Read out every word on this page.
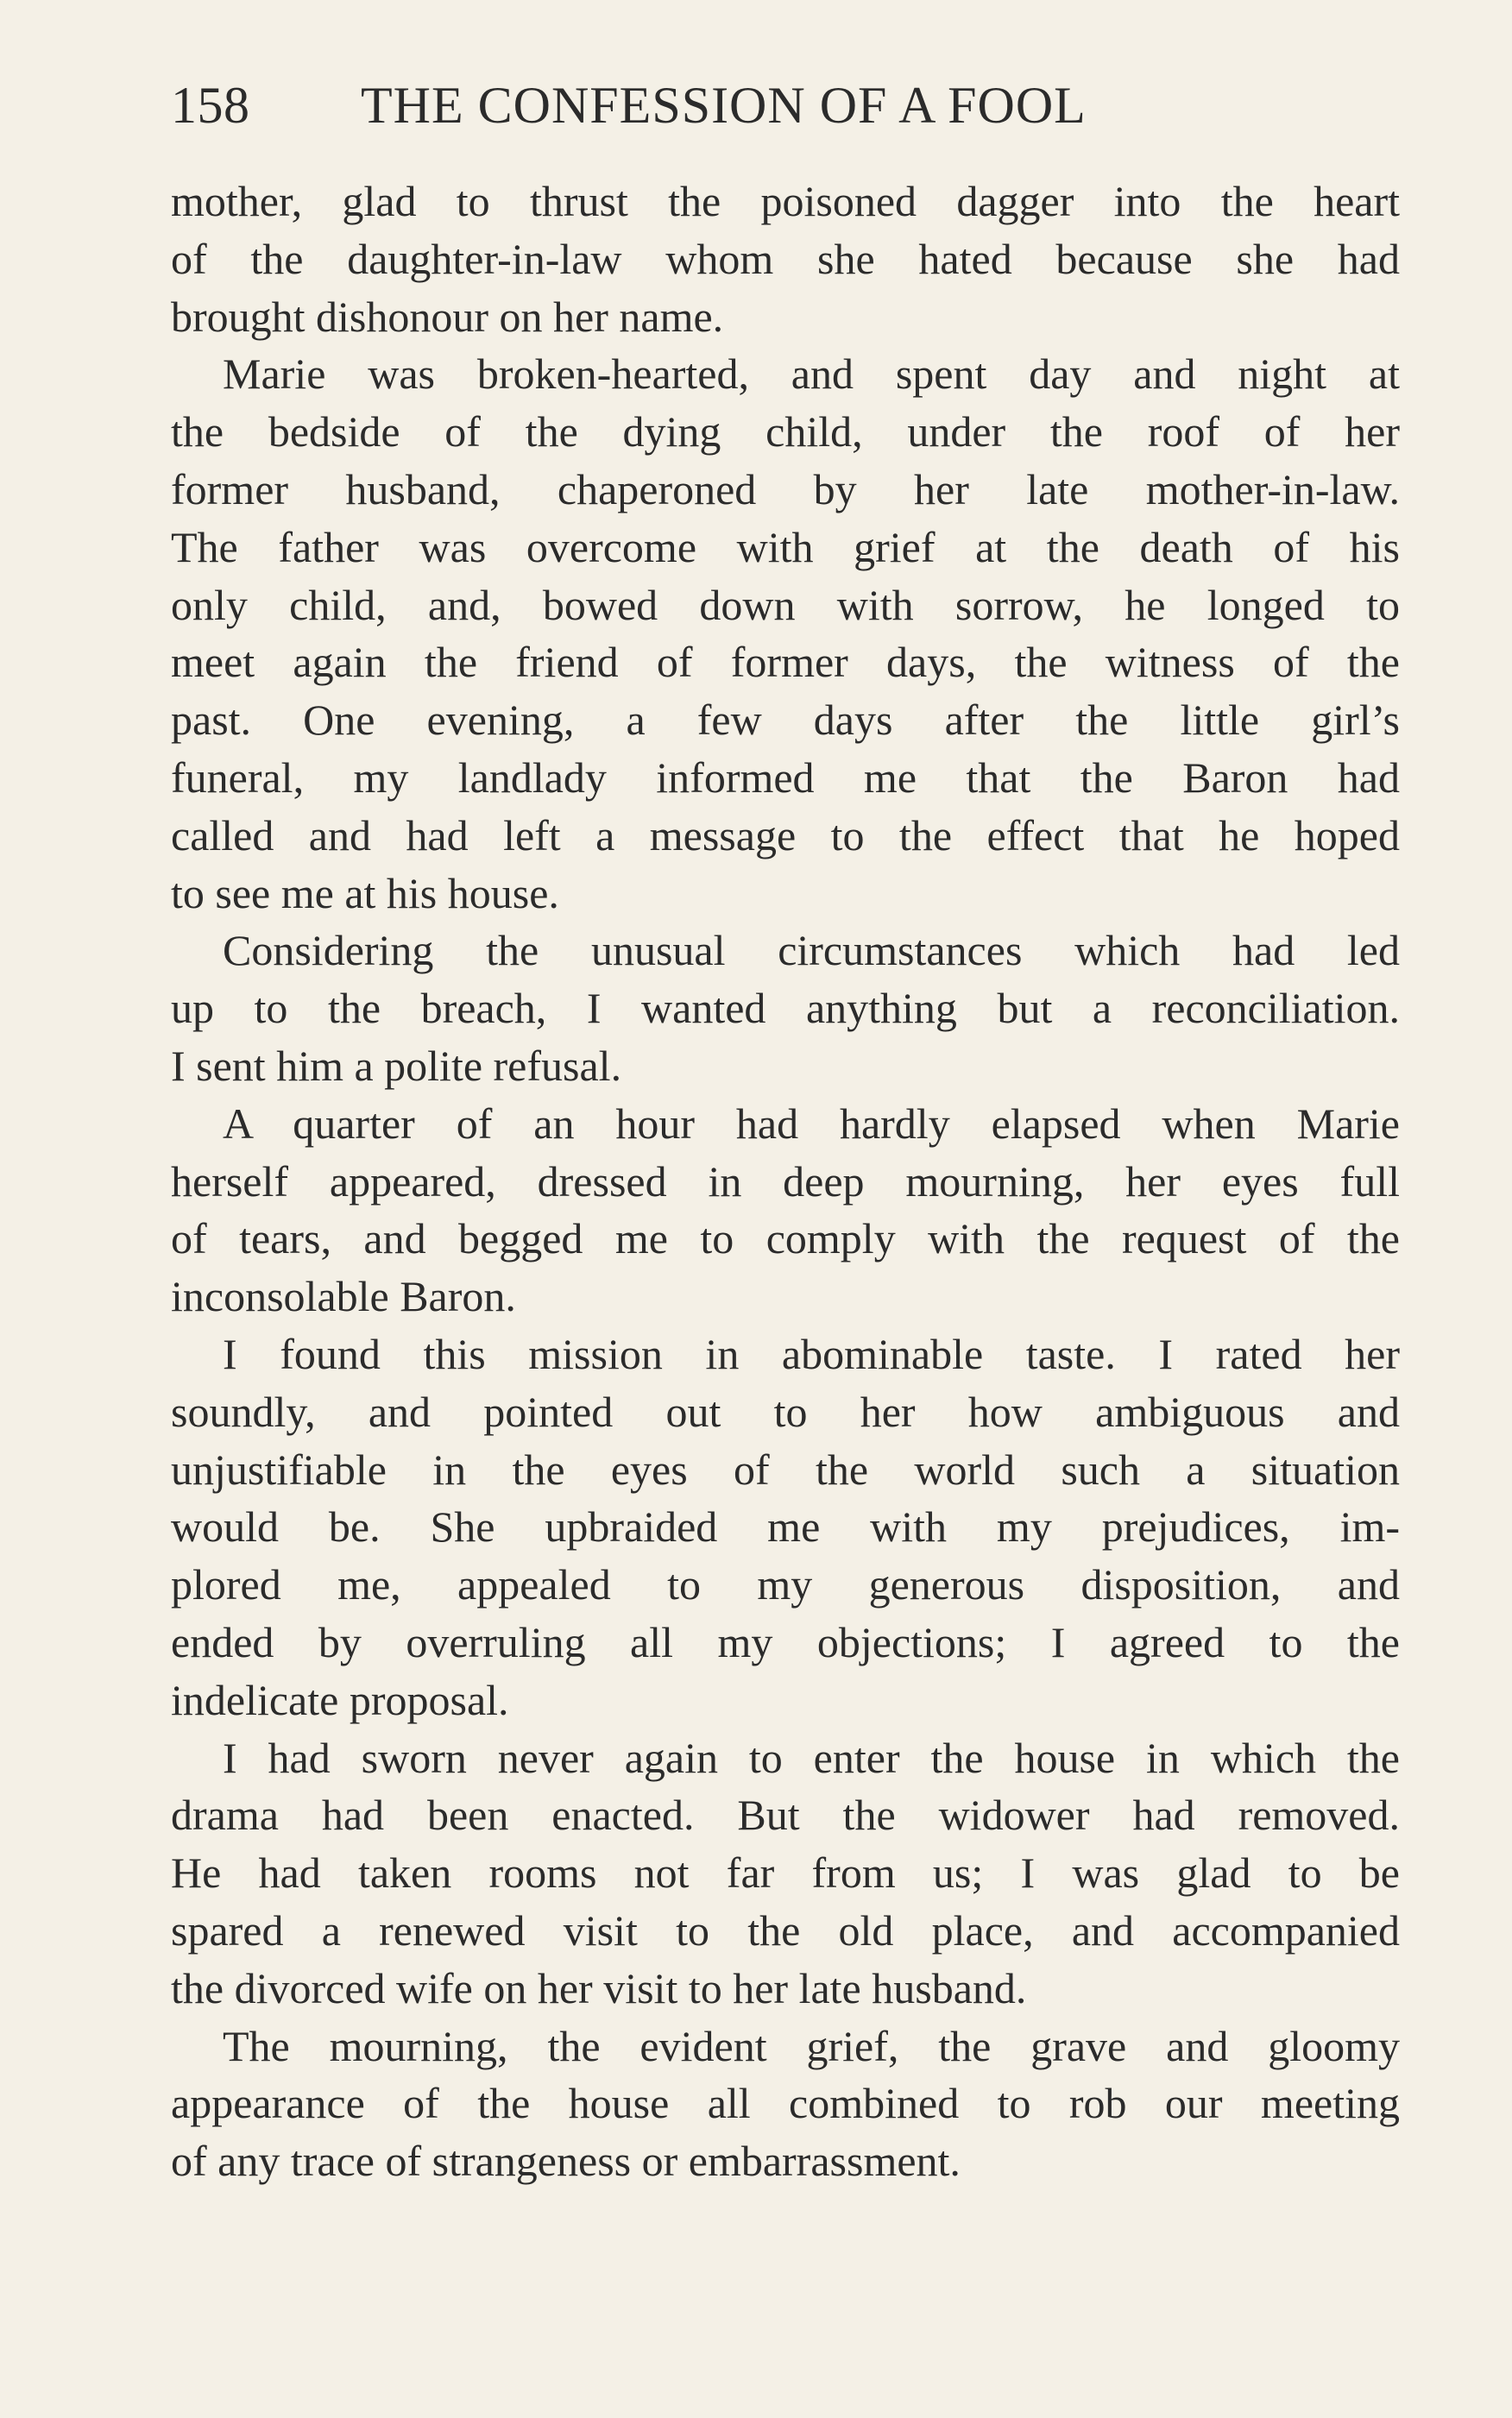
158 THE CONFESSION OF A FOOL
mother, glad to thrust the poisoned dagger into the heart
of the daughter-in-law whom she hated because she had
brought dishonour on her name.
Marie was broken-hearted, and spent day and night at
the bedside of the dying child, under the roof of her
former husband, chaperoned by her late mother-in-law.
The father was overcome with grief at the death of his
only child, and, bowed down with sorrow, he longed to
meet again the friend of former days, the witness of the
past. One evening, a few days after the little girl’s
funeral, my landlady informed me that the Baron had
called and had left a message to the effect that he hoped
to see me at his house.
Considering the unusual circumstances which had led
up to the breach, I wanted anything but a reconciliation.
I sent him a polite refusal.
A quarter of an hour had hardly elapsed when Marie
herself appeared, dressed in deep mourning, her eyes full
of tears, and begged me to comply with the request of the
inconsolable Baron.
I found this mission in abominable taste. I rated her
soundly, and pointed out to her how ambiguous and
unjustifiable in the eyes of the world such a situation
would be. She upbraided me with my prejudices, im-
plored me, appealed to my generous disposition, and
ended by overruling all my objections; I agreed to the
indelicate proposal.
I had sworn never again to enter the house in which the
drama had been enacted. But the widower had removed.
He had taken rooms not far from us; I was glad to be
spared a renewed visit to the old place, and accompanied
the divorced wife on her visit to her late husband.
The mourning, the evident grief, the grave and gloomy
appearance of the house all combined to rob our meeting
of any trace of strangeness or embarrassment.
